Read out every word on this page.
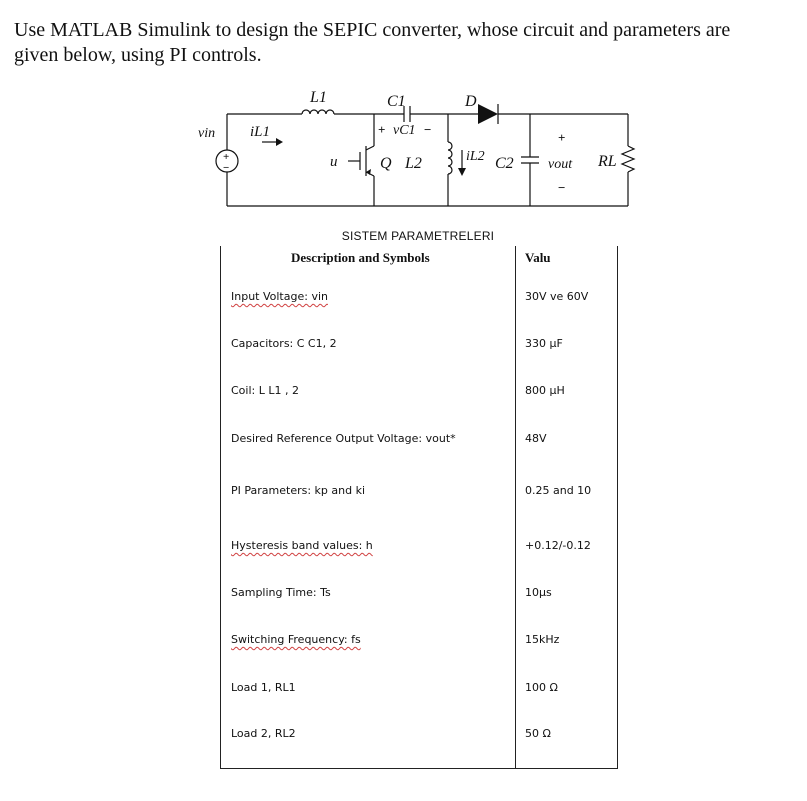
Use MATLAB Simulink to design the SEPIC converter, whose circuit and parameters are
given below, using PI controls.
L1	C1	D
vin iL1	+ vC1 −
u	Q L2	iL2 C2
+
vout
−
RL
+
−
SISTEM PARAMETRELERI
Description and Symbols	Valu
Input Voltage: vin	30V ve 60V
Capacitors: C C1, 2	330 µF
Coil: L L1 , 2	800 µH
Desired Reference Output Voltage: vout*	48V
PI Parameters: kp and ki	0.25 and 10
Hysteresis band values: h	+0.12/-0.12
Sampling Time: Ts	10µs
Switching Frequency: fs	15kHz
Load 1, RL1	100 Ω
Load 2, RL2	50 Ω
